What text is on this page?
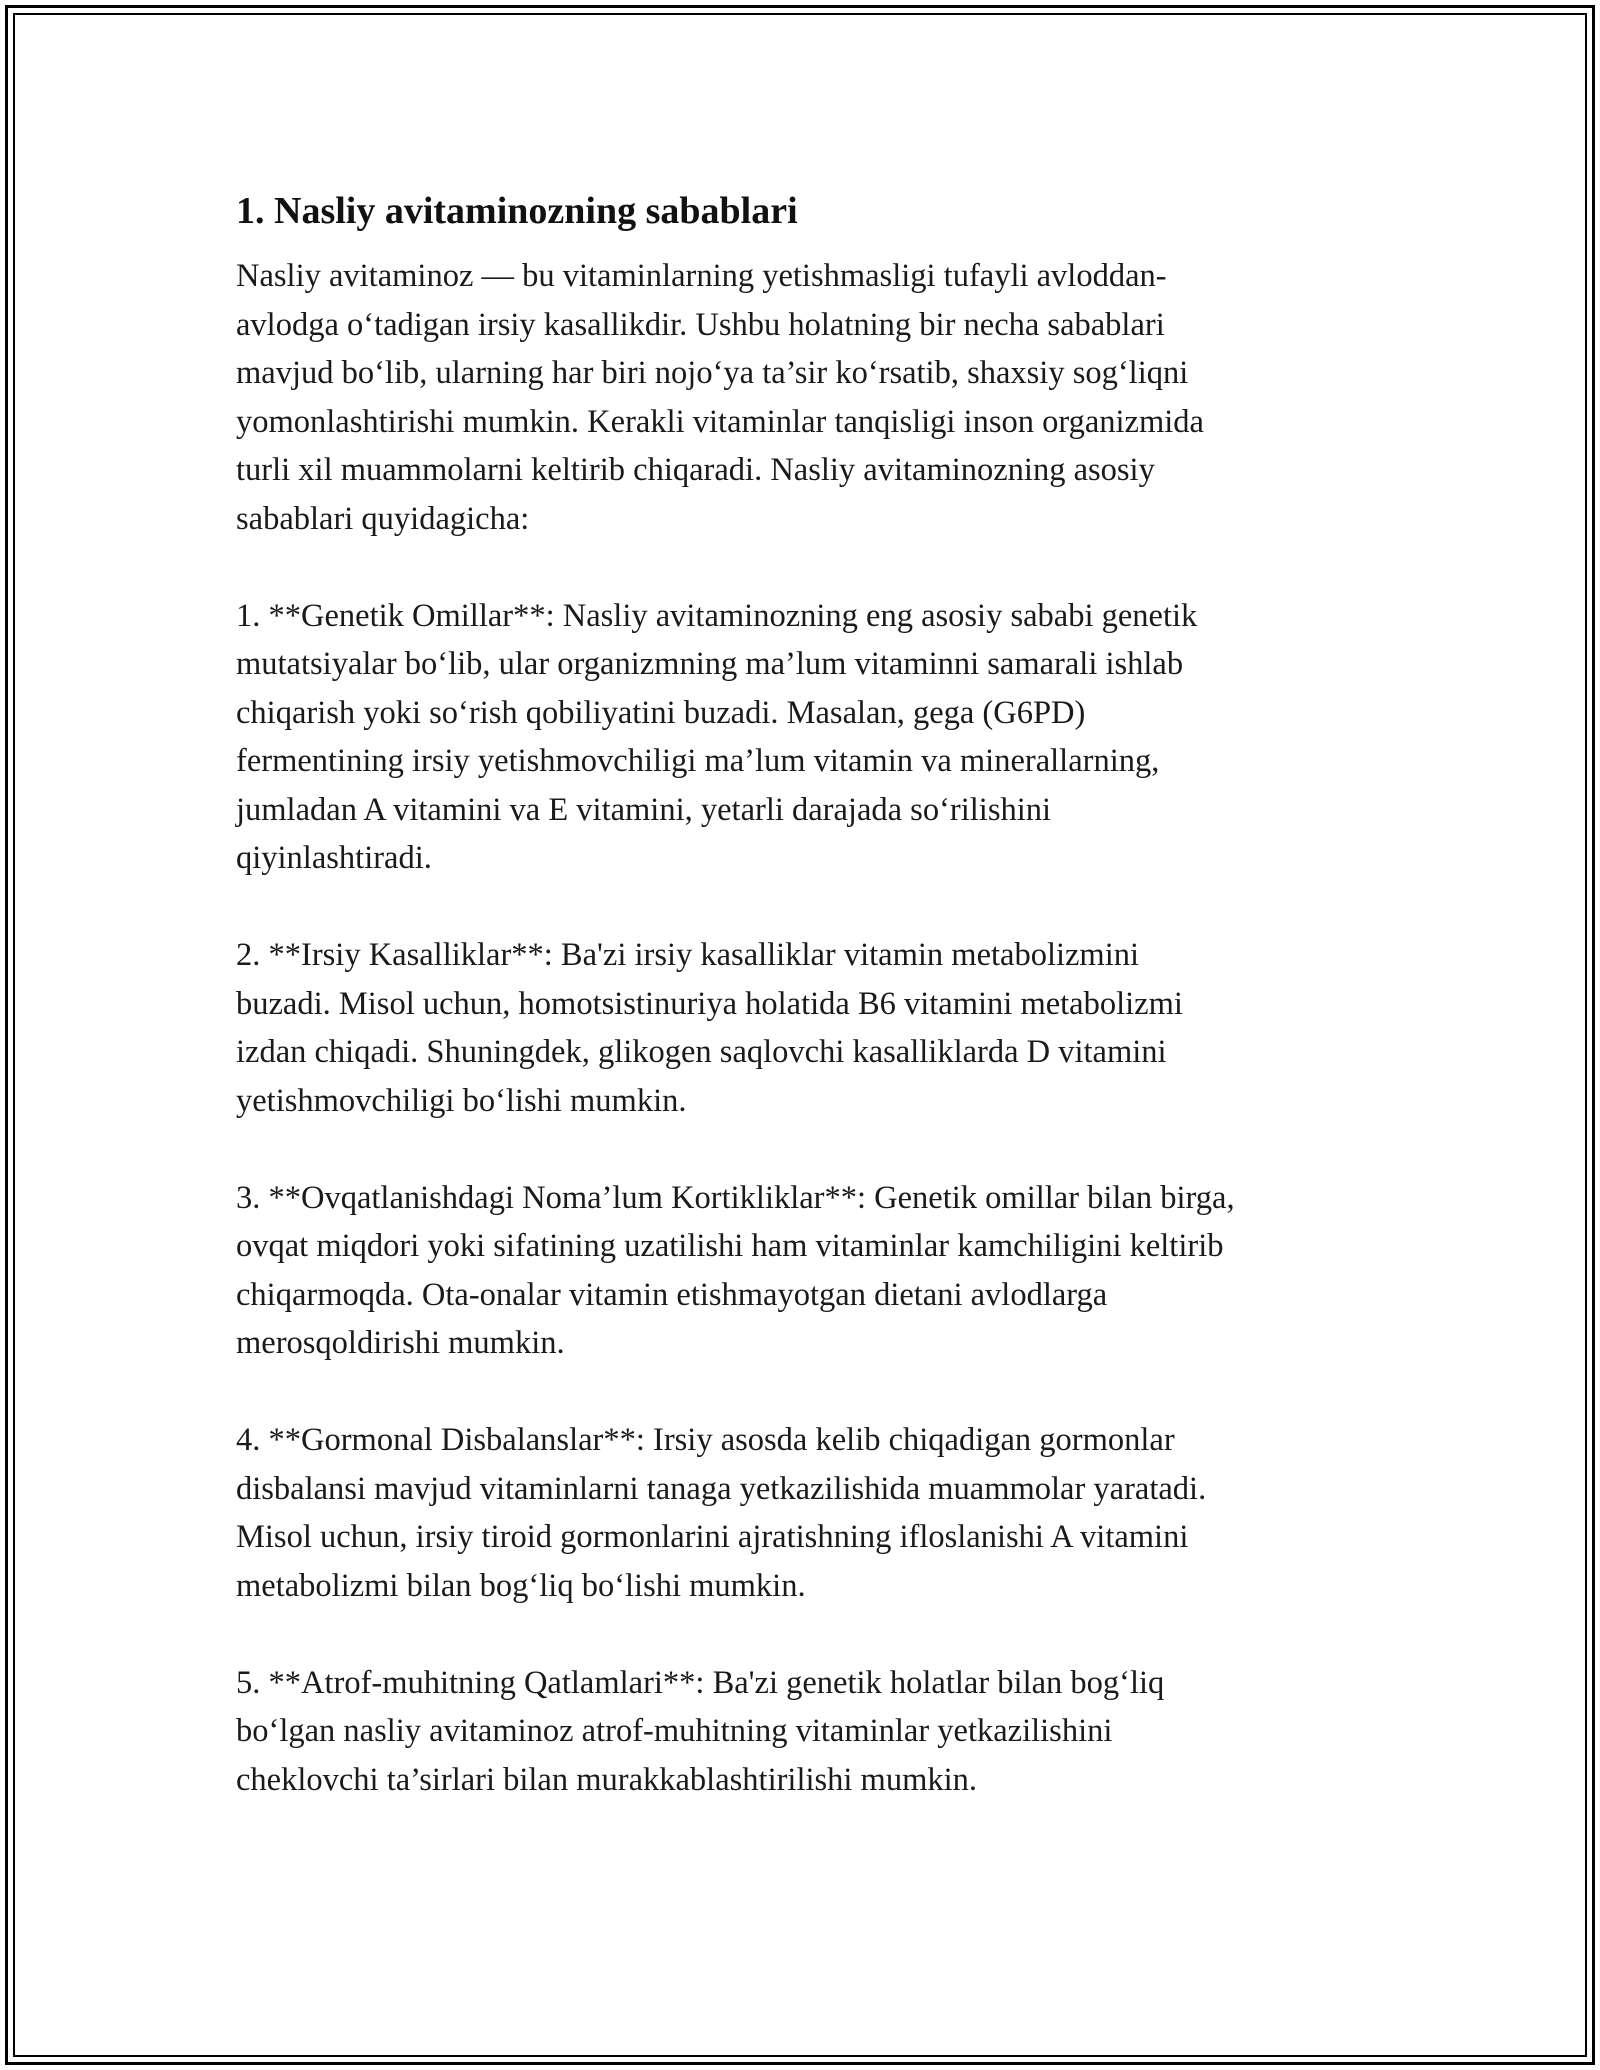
1. Nasliy avitaminozning sabablari

Nasliy avitaminoz — bu vitaminlarning yetishmasligi tufayli avloddan-
avlodga o‘tadigan irsiy kasallikdir. Ushbu holatning bir necha sabablari
mavjud bo‘lib, ularning har biri nojo‘ya ta’sir ko‘rsatib, shaxsiy sog‘liqni
yomonlashtirishi mumkin. Kerakli vitaminlar tanqisligi inson organizmida
turli xil muammolarni keltirib chiqaradi. Nasliy avitaminozning asosiy
sabablari quyidagicha:

1. **Genetik Omillar**: Nasliy avitaminozning eng asosiy sababi genetik
mutatsiyalar bo‘lib, ular organizmning ma’lum vitaminni samarali ishlab
chiqarish yoki so‘rish qobiliyatini buzadi. Masalan, gega (G6PD)
fermentining irsiy yetishmovchiligi ma’lum vitamin va minerallarning,
jumladan A vitamini va E vitamini, yetarli darajada so‘rilishini
qiyinlashtiradi.

2. **Irsiy Kasalliklar**: Ba'zi irsiy kasalliklar vitamin metabolizmini
buzadi. Misol uchun, homotsistinuriya holatida B6 vitamini metabolizmi
izdan chiqadi. Shuningdek, glikogen saqlovchi kasalliklarda D vitamini
yetishmovchiligi bo‘lishi mumkin.

3. **Ovqatlanishdagi Noma’lum Kortikliklar**: Genetik omillar bilan birga,
ovqat miqdori yoki sifatining uzatilishi ham vitaminlar kamchiligini keltirib
chiqarmoqda. Ota-onalar vitamin etishmayotgan dietani avlodlarga
merosqoldirishi mumkin.

4. **Gormonal Disbalanslar**: Irsiy asosda kelib chiqadigan gormonlar
disbalansi mavjud vitaminlarni tanaga yetkazilishida muammolar yaratadi.
Misol uchun, irsiy tiroid gormonlarini ajratishning ifloslanishi A vitamini
metabolizmi bilan bog‘liq bo‘lishi mumkin.

5. **Atrof-muhitning Qatlamlari**: Ba'zi genetik holatlar bilan bog‘liq
bo‘lgan nasliy avitaminoz atrof-muhitning vitaminlar yetkazilishini
cheklovchi ta’sirlari bilan murakkablashtirilishi mumkin.
